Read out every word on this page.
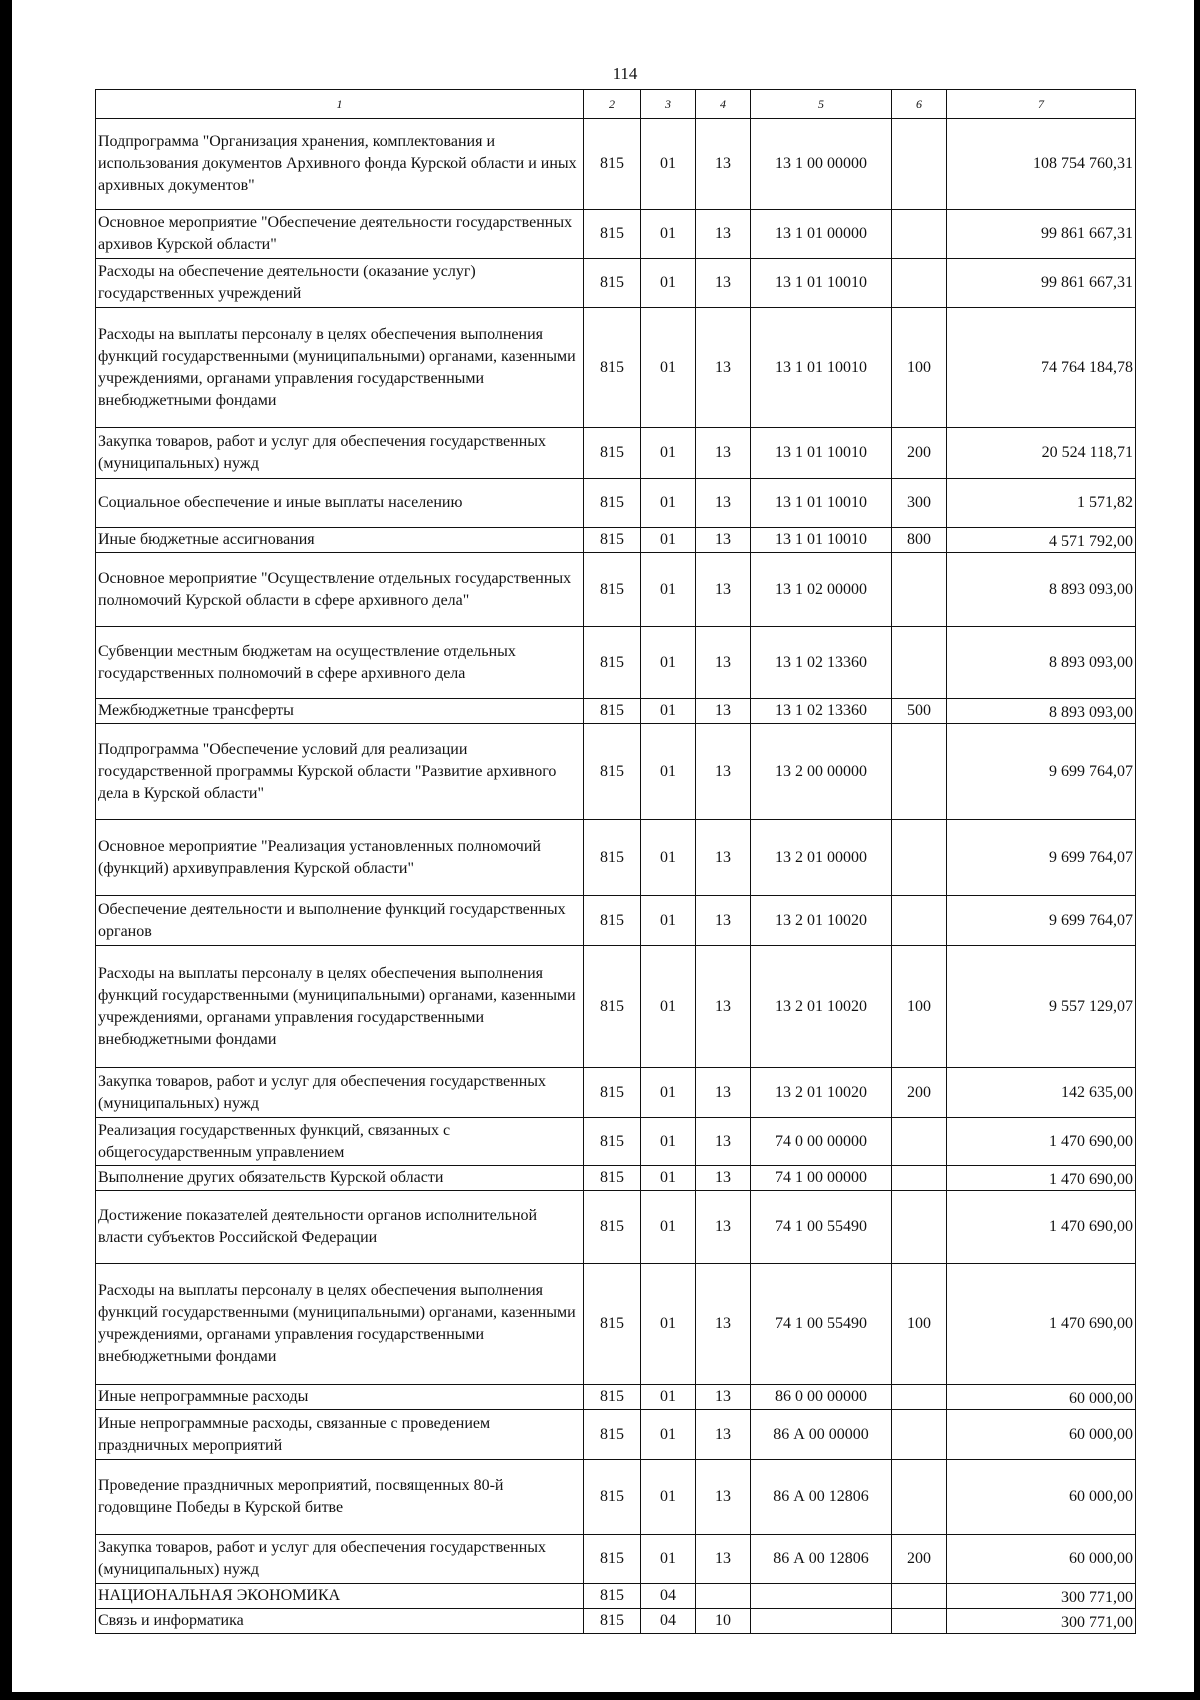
114
1	2	3	4	5	6	7
Подпрограмма "Организация хранения, комплектования и использования документов Архивного фонда Курской области и иных архивных документов"	815	01	13	13 1 00 00000		108 754 760,31
Основное мероприятие "Обеспечение деятельности государственных архивов Курской области"	815	01	13	13 1 01 00000		99 861 667,31
Расходы на обеспечение деятельности (оказание услуг) государственных учреждений	815	01	13	13 1 01 10010		99 861 667,31
Расходы на выплаты персоналу в целях обеспечения выполнения функций государственными (муниципальными) органами, казенными учреждениями, органами управления государственными внебюджетными фондами	815	01	13	13 1 01 10010	100	74 764 184,78
Закупка товаров, работ и услуг для обеспечения государственных (муниципальных) нужд	815	01	13	13 1 01 10010	200	20 524 118,71
Социальное обеспечение и иные выплаты населению	815	01	13	13 1 01 10010	300	1 571,82
Иные бюджетные ассигнования	815	01	13	13 1 01 10010	800	4 571 792,00
Основное мероприятие "Осуществление отдельных государственных полномочий Курской области в сфере архивного дела"	815	01	13	13 1 02 00000		8 893 093,00
Субвенции местным бюджетам на осуществление отдельных государственных полномочий в сфере архивного дела	815	01	13	13 1 02 13360		8 893 093,00
Межбюджетные трансферты	815	01	13	13 1 02 13360	500	8 893 093,00
Подпрограмма "Обеспечение условий для реализации государственной программы Курской области "Развитие архивного дела в Курской области"	815	01	13	13 2 00 00000		9 699 764,07
Основное мероприятие "Реализация установленных полномочий (функций) архивуправления Курской области"	815	01	13	13 2 01 00000		9 699 764,07
Обеспечение деятельности и выполнение функций государственных органов	815	01	13	13 2 01 10020		9 699 764,07
Расходы на выплаты персоналу в целях обеспечения выполнения функций государственными (муниципальными) органами, казенными учреждениями, органами управления государственными внебюджетными фондами	815	01	13	13 2 01 10020	100	9 557 129,07
Закупка товаров, работ и услуг для обеспечения государственных (муниципальных) нужд	815	01	13	13 2 01 10020	200	142 635,00
Реализация государственных функций, связанных с общегосударственным управлением	815	01	13	74 0 00 00000		1 470 690,00
Выполнение других обязательств Курской области	815	01	13	74 1 00 00000		1 470 690,00
Достижение показателей деятельности органов исполнительной власти субъектов Российской Федерации	815	01	13	74 1 00 55490		1 470 690,00
Расходы на выплаты персоналу в целях обеспечения выполнения функций государственными (муниципальными) органами, казенными учреждениями, органами управления государственными внебюджетными фондами	815	01	13	74 1 00 55490	100	1 470 690,00
Иные непрограммные расходы	815	01	13	86 0 00 00000		60 000,00
Иные непрограммные расходы, связанные с проведением праздничных мероприятий	815	01	13	86 А 00 00000		60 000,00
Проведение праздничных мероприятий, посвященных 80-й годовщине Победы в Курской битве	815	01	13	86 А 00 12806		60 000,00
Закупка товаров, работ и услуг для обеспечения государственных (муниципальных) нужд	815	01	13	86 А 00 12806	200	60 000,00
НАЦИОНАЛЬНАЯ ЭКОНОМИКА	815	04				300 771,00
Связь и информатика	815	04	10			300 771,00
